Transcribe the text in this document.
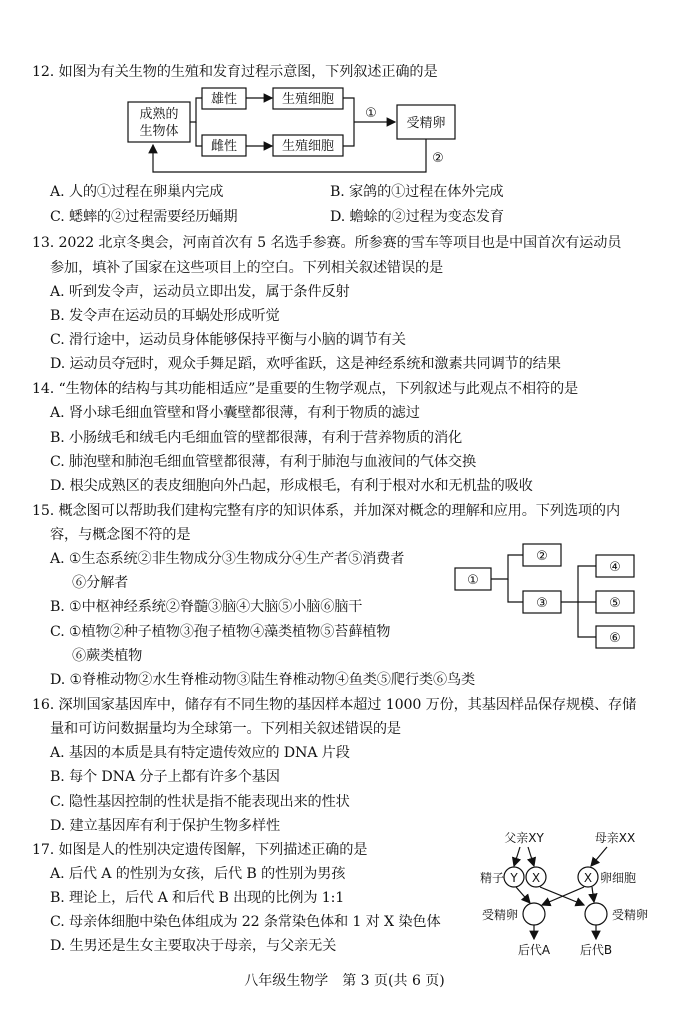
12. 如图为有关生物的生殖和发育过程示意图，下列叙述正确的是
成熟的
生物体
雄性
雌性
生殖细胞
生殖细胞
①
受精卵
②
①
②
③
④
⑤
⑥
父亲XY	母亲XX
精子 Y X	X 卵细胞
受精卵	受精卵
后代A 后代B
A. 人的①过程在卵巢内完成	B. 家鸽的①过程在体外完成
C. 蟋蟀的②过程需要经历蛹期	D. 蟾蜍的②过程为变态发育
13. 2022 北京冬奥会，河南首次有 5 名选手参赛。所参赛的雪车等项目也是中国首次有运动员
参加，填补了国家在这些项目上的空白。下列相关叙述错误的是
A. 听到发令声，运动员立即出发，属于条件反射
B. 发令声在运动员的耳蜗处形成听觉
C. 滑行途中，运动员身体能够保持平衡与小脑的调节有关
D. 运动员夺冠时，观众手舞足蹈，欢呼雀跃，这是神经系统和激素共同调节的结果
14. “生物体的结构与其功能相适应”是重要的生物学观点，下列叙述与此观点不相符的是
A. 肾小球毛细血管壁和肾小囊壁都很薄，有利于物质的滤过
B. 小肠绒毛和绒毛内毛细血管的壁都很薄，有利于营养物质的消化
C. 肺泡壁和肺泡毛细血管壁都很薄，有利于肺泡与血液间的气体交换
D. 根尖成熟区的表皮细胞向外凸起，形成根毛，有利于根对水和无机盐的吸收
15. 概念图可以帮助我们建构完整有序的知识体系，并加深对概念的理解和应用。下列选项的内
容，与概念图不符的是
A. ①生态系统②非生物成分③生物成分④生产者⑤消费者
⑥分解者
B. ①中枢神经系统②脊髓③脑④大脑⑤小脑⑥脑干
C. ①植物②种子植物③孢子植物④藻类植物⑤苔藓植物
⑥蕨类植物
D. ①脊椎动物②水生脊椎动物③陆生脊椎动物④鱼类⑤爬行类⑥鸟类
16. 深圳国家基因库中，储存有不同生物的基因样本超过 1000 万份，其基因样品保存规模、存储
量和可访问数据量均为全球第一。下列相关叙述错误的是
A. 基因的本质是具有特定遗传效应的 DNA 片段
B. 每个 DNA 分子上都有许多个基因
C. 隐性基因控制的性状是指不能表现出来的性状
D. 建立基因库有利于保护生物多样性
17. 如图是人的性别决定遗传图解，下列描述正确的是
A. 后代 A 的性别为女孩，后代 B 的性别为男孩
B. 理论上，后代 A 和后代 B 出现的比例为 1:1
C. 母亲体细胞中染色体组成为 22 条常染色体和 1 对 X 染色体
D. 生男还是生女主要取决于母亲，与父亲无关
八年级生物学　第 3 页(共 6 页)
